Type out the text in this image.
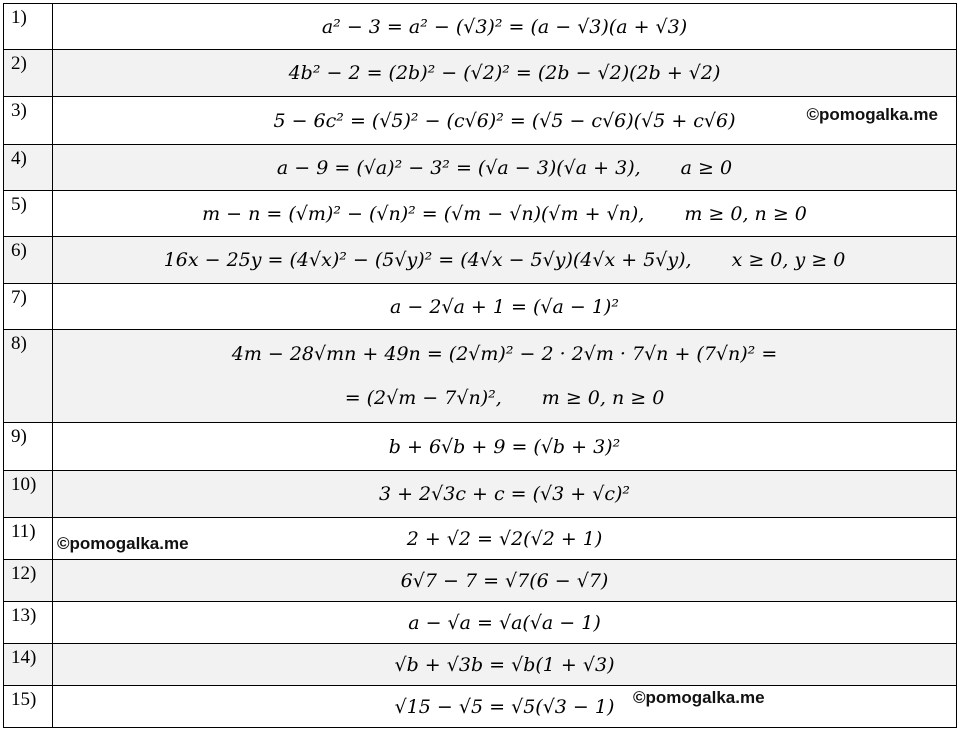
1)	a² − 3 = a² − (√3)² = (a − √3)(a + √3)

2)	4b² − 2 = (2b)² − (√2)² = (2b − √2)(2b + √2)

3)	5 − 6c² = (√5)² − (c√6)² = (√5 − c√6)(√5 + c√6) ©pomogalka.me

4)	a − 9 = (√a)² − 3² = (√a − 3)(√a + 3), a ≥ 0

5)	m − n = (√m)² − (√n)² = (√m − √n)(√m + √n), m ≥ 0, n ≥ 0

6)	16x − 25y = (4√x)² − (5√y)² = (4√x − 5√y)(4√x + 5√y), x ≥ 0, y ≥ 0

7)	a − 2√a + 1 = (√a − 1)²

8)	4m − 28√mn + 49n = (2√m)² − 2 · 2√m · 7√n + (7√n)² =
= (2√m − 7√n)², m ≥ 0, n ≥ 0

9)	b + 6√b + 9 = (√b + 3)²

10)	3 + 2√3c + c = (√3 + √c)²

11)	2 + √2 = √2(√2 + 1)
©pomogalka.me

12)	6√7 − 7 = √7(6 − √7)

13)	a − √a = √a(√a − 1)

14)	√b + √3b = √b(1 + √3)

15)	√15 − √5 = √5(√3 − 1) ©pomogalka.me
